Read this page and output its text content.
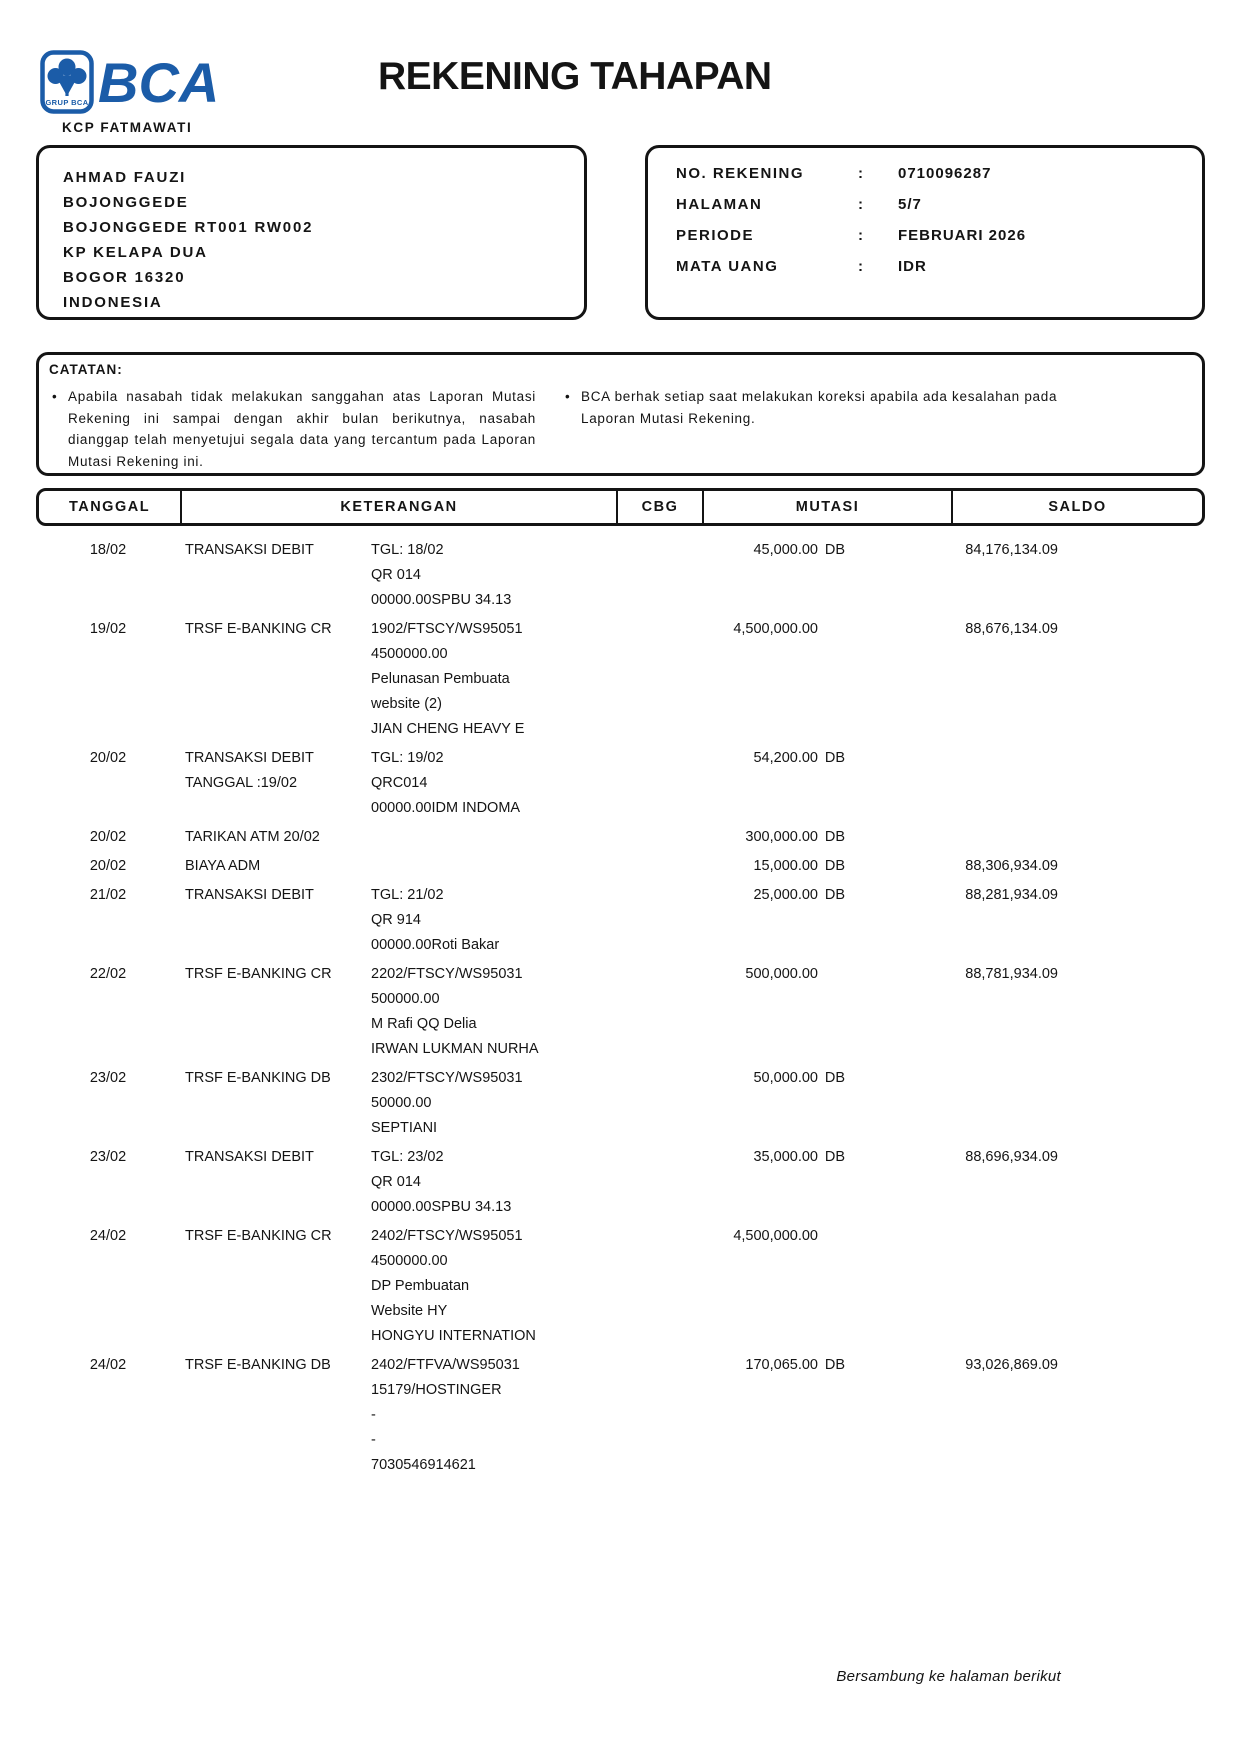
GRUP BCA BCA	REKENING TAHAPAN
KCP FATMAWATI
AHMAD FAUZI
BOJONGGEDE
BOJONGGEDE RT001 RW002
KP KELAPA DUA
BOGOR 16320
INDONESIA
NO. REKENING	:	0710096287
HALAMAN	:	5/7
PERIODE	:	FEBRUARI 2026
MATA UANG	:	IDR
CATATAN:
• Apabila nasabah tidak melakukan sanggahan atas Laporan Mutasi Rekening ini sampai dengan akhir bulan berikutnya, nasabah dianggap telah menyetujui segala data yang tercantum pada Laporan Mutasi Rekening ini.
• BCA berhak setiap saat melakukan koreksi apabila ada kesalahan pada Laporan Mutasi Rekening.
TANGGAL	KETERANGAN	CBG	MUTASI	SALDO
18/02	TRANSAKSI DEBIT	TGL: 18/02
QR 014
00000.00SPBU 34.13
45,000.00 DB	84,176,134.09
19/02	TRSF E-BANKING CR	1902/FTSCY/WS95051
4500000.00
Pelunasan Pembuata
website (2)
JIAN CHENG HEAVY E
4,500,000.00	88,676,134.09
20/02	TRANSAKSI DEBIT
TANGGAL :19/02
TGL: 19/02
QRC014
00000.00IDM INDOMA
54,200.00 DB
20/02	TARIKAN ATM 20/02	300,000.00 DB
20/02	BIAYA ADM	15,000.00 DB	88,306,934.09
21/02	TRANSAKSI DEBIT	TGL: 21/02
QR 914
00000.00Roti Bakar
25,000.00 DB	88,281,934.09
22/02	TRSF E-BANKING CR	2202/FTSCY/WS95031
500000.00
M Rafi QQ Delia
IRWAN LUKMAN NURHA
500,000.00	88,781,934.09
23/02	TRSF E-BANKING DB	2302/FTSCY/WS95031
50000.00
SEPTIANI
50,000.00 DB
23/02	TRANSAKSI DEBIT	TGL: 23/02
QR 014
00000.00SPBU 34.13
35,000.00 DB	88,696,934.09
24/02	TRSF E-BANKING CR	2402/FTSCY/WS95051
4500000.00
DP Pembuatan
Website HY
HONGYU INTERNATION
4,500,000.00
24/02	TRSF E-BANKING DB	2402/FTFVA/WS95031
15179/HOSTINGER
-
-
7030546914621
170,065.00 DB	93,026,869.09
Bersambung ke halaman berikut
